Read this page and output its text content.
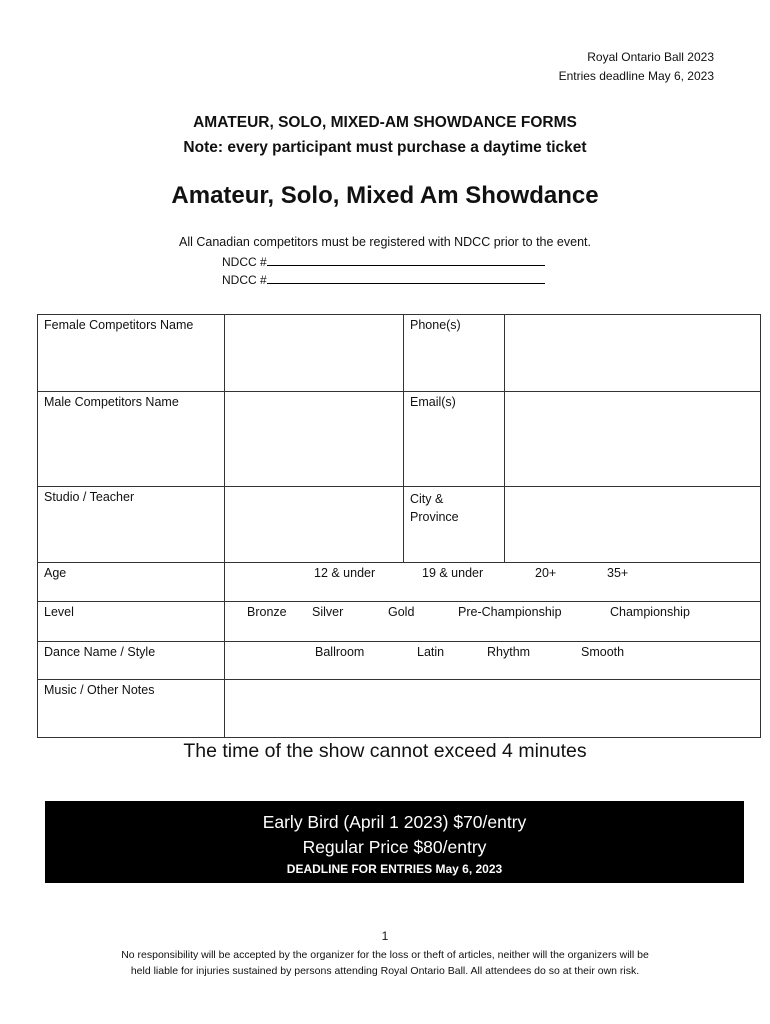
Royal Ontario Ball 2023
Entries deadline May 6, 2023
AMATEUR, SOLO, MIXED-AM SHOWDANCE FORMS
Note: every participant must purchase a daytime ticket
Amateur, Solo, Mixed Am Showdance
All Canadian competitors must be registered with NDCC prior to the event.
NDCC #
NDCC #
Female Competitors Name		Phone(s)	
Male Competitors Name		Email(s)	
Studio / Teacher		City &
Province	

Age	12 & under 19 & under 20+ 35+		

Level	Bronze Silver Gold Pre-Championship Championship		

Dance Name / Style	Ballroom Latin Rhythm Smooth		

Music / Other Notes			
The time of the show cannot exceed 4 minutes
Early Bird (April 1 2023) $70/entry
Regular Price $80/entry
DEADLINE FOR ENTRIES May 6, 2023
1
No responsibility will be accepted by the organizer for the loss or theft of articles, neither will the organizers will be
held liable for injuries sustained by persons attending Royal Ontario Ball. All attendees do so at their own risk.
